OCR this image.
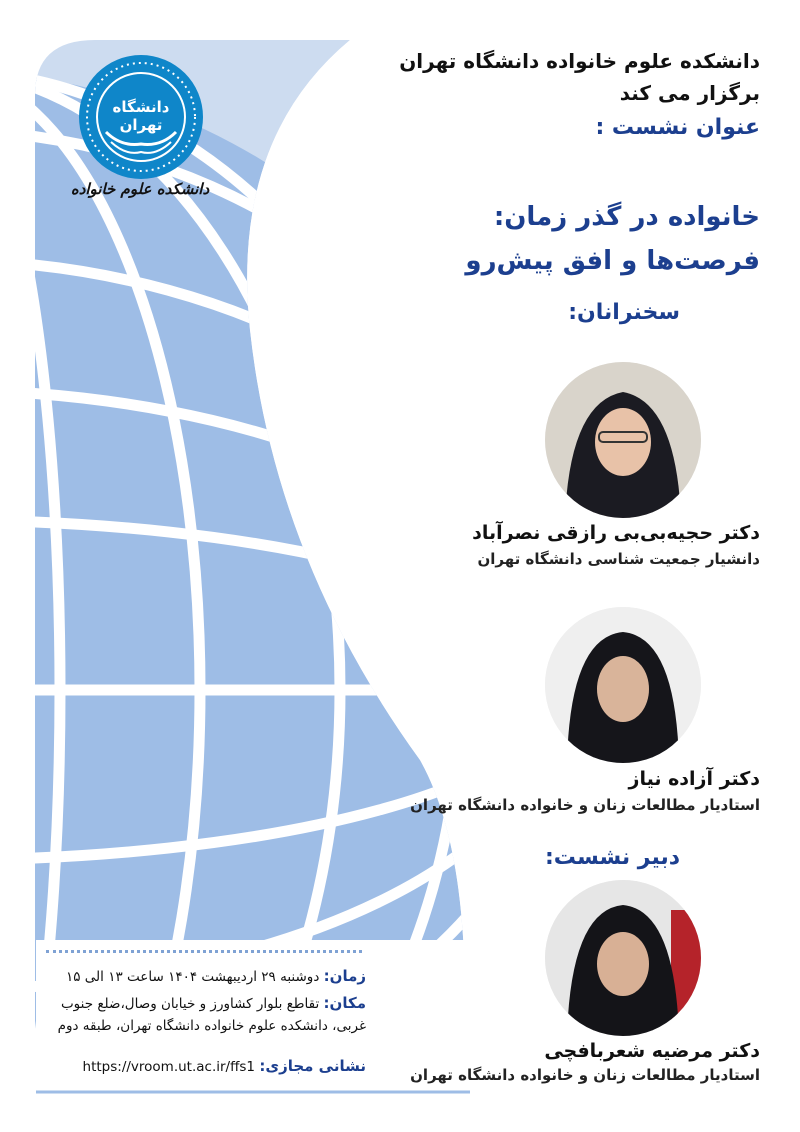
دانشگاه تهران
دانشکده علوم خانواده
دانشکده علوم خانواده دانشگاه تهران
برگزار می کند
عنوان نشست :
خانواده در گذر زمان:
فرصت‌ها و افق پیش‌رو
سخنرانان:
دکتر حجیه‌بی‌بی رازقی نصرآباد
دانشیار جمعیت شناسی دانشگاه تهران
دکتر آزاده نیاز
استادیار مطالعات زنان و خانواده دانشگاه تهران
دبیر نشست:
دکتر مرضیه شعربافچی
استادیار مطالعات زنان و خانواده دانشگاه تهران
زمان: دوشنبه ۲۹ اردیبهشت ۱۴۰۴ ساعت ۱۳ الی ۱۵
مکان: تقاطع بلوار کشاورز و خیابان وصال،ضلع جنوب غربی، دانشکده علوم خانواده دانشگاه تهران، طبقه دوم
نشانی مجازی: https://vroom.ut.ac.ir/ffs1
